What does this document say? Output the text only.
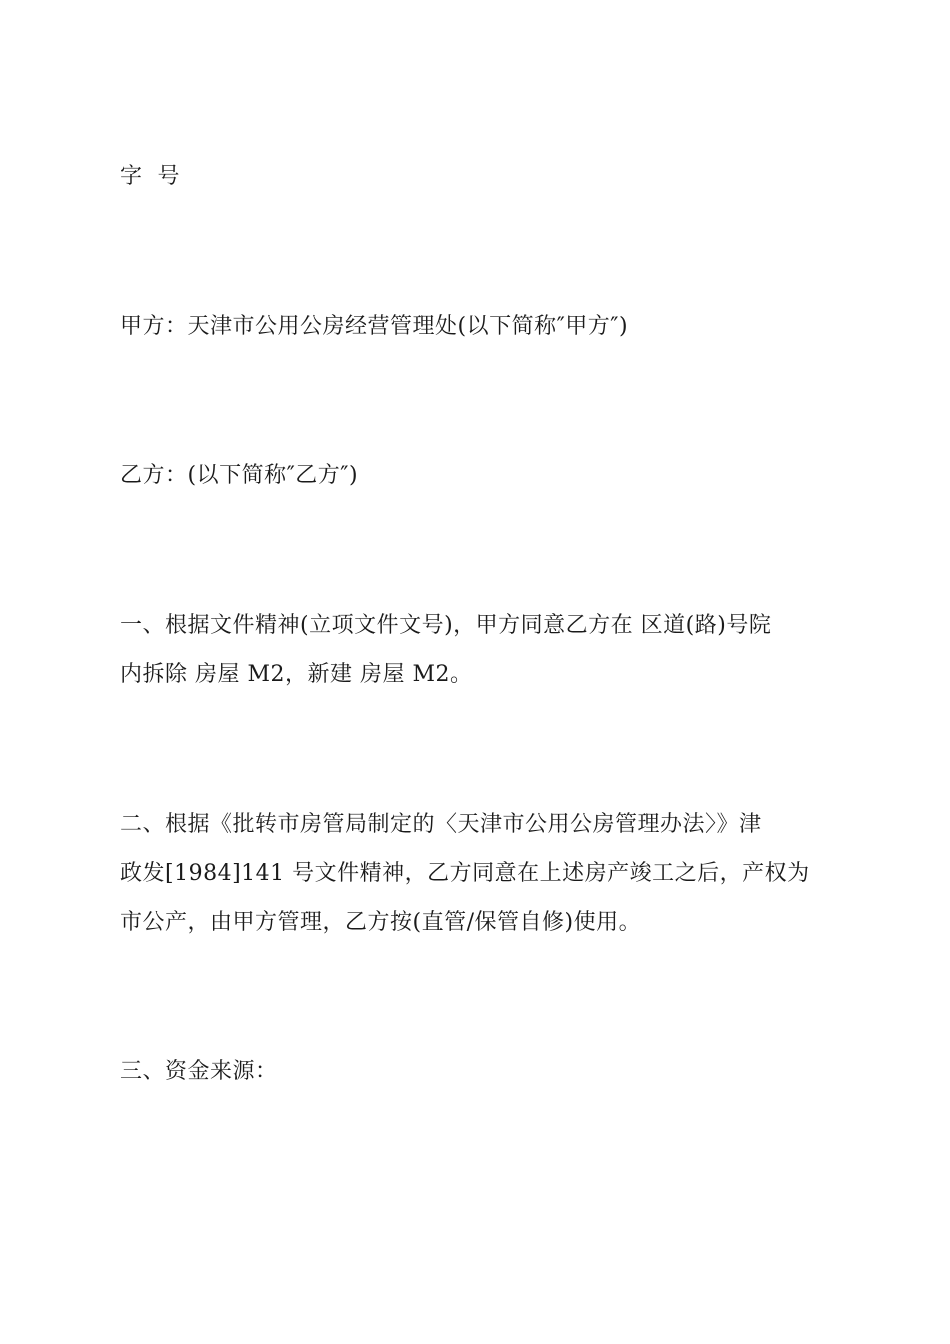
字  号

甲方：天津市公用公房经营管理处(以下简称″甲方″)

乙方：(以下简称″乙方″)

一、根据文件精神(立项文件文号)，甲方同意乙方在 区道(路)号院
内拆除 房屋 M2，新建 房屋 M2。

二、根据《批转市房管局制定的〈天津市公用公房管理办法〉》津
政发[1984]141 号文件精神，乙方同意在上述房产竣工之后，产权为
市公产，由甲方管理，乙方按(直管/保管自修)使用。

三、资金来源：
